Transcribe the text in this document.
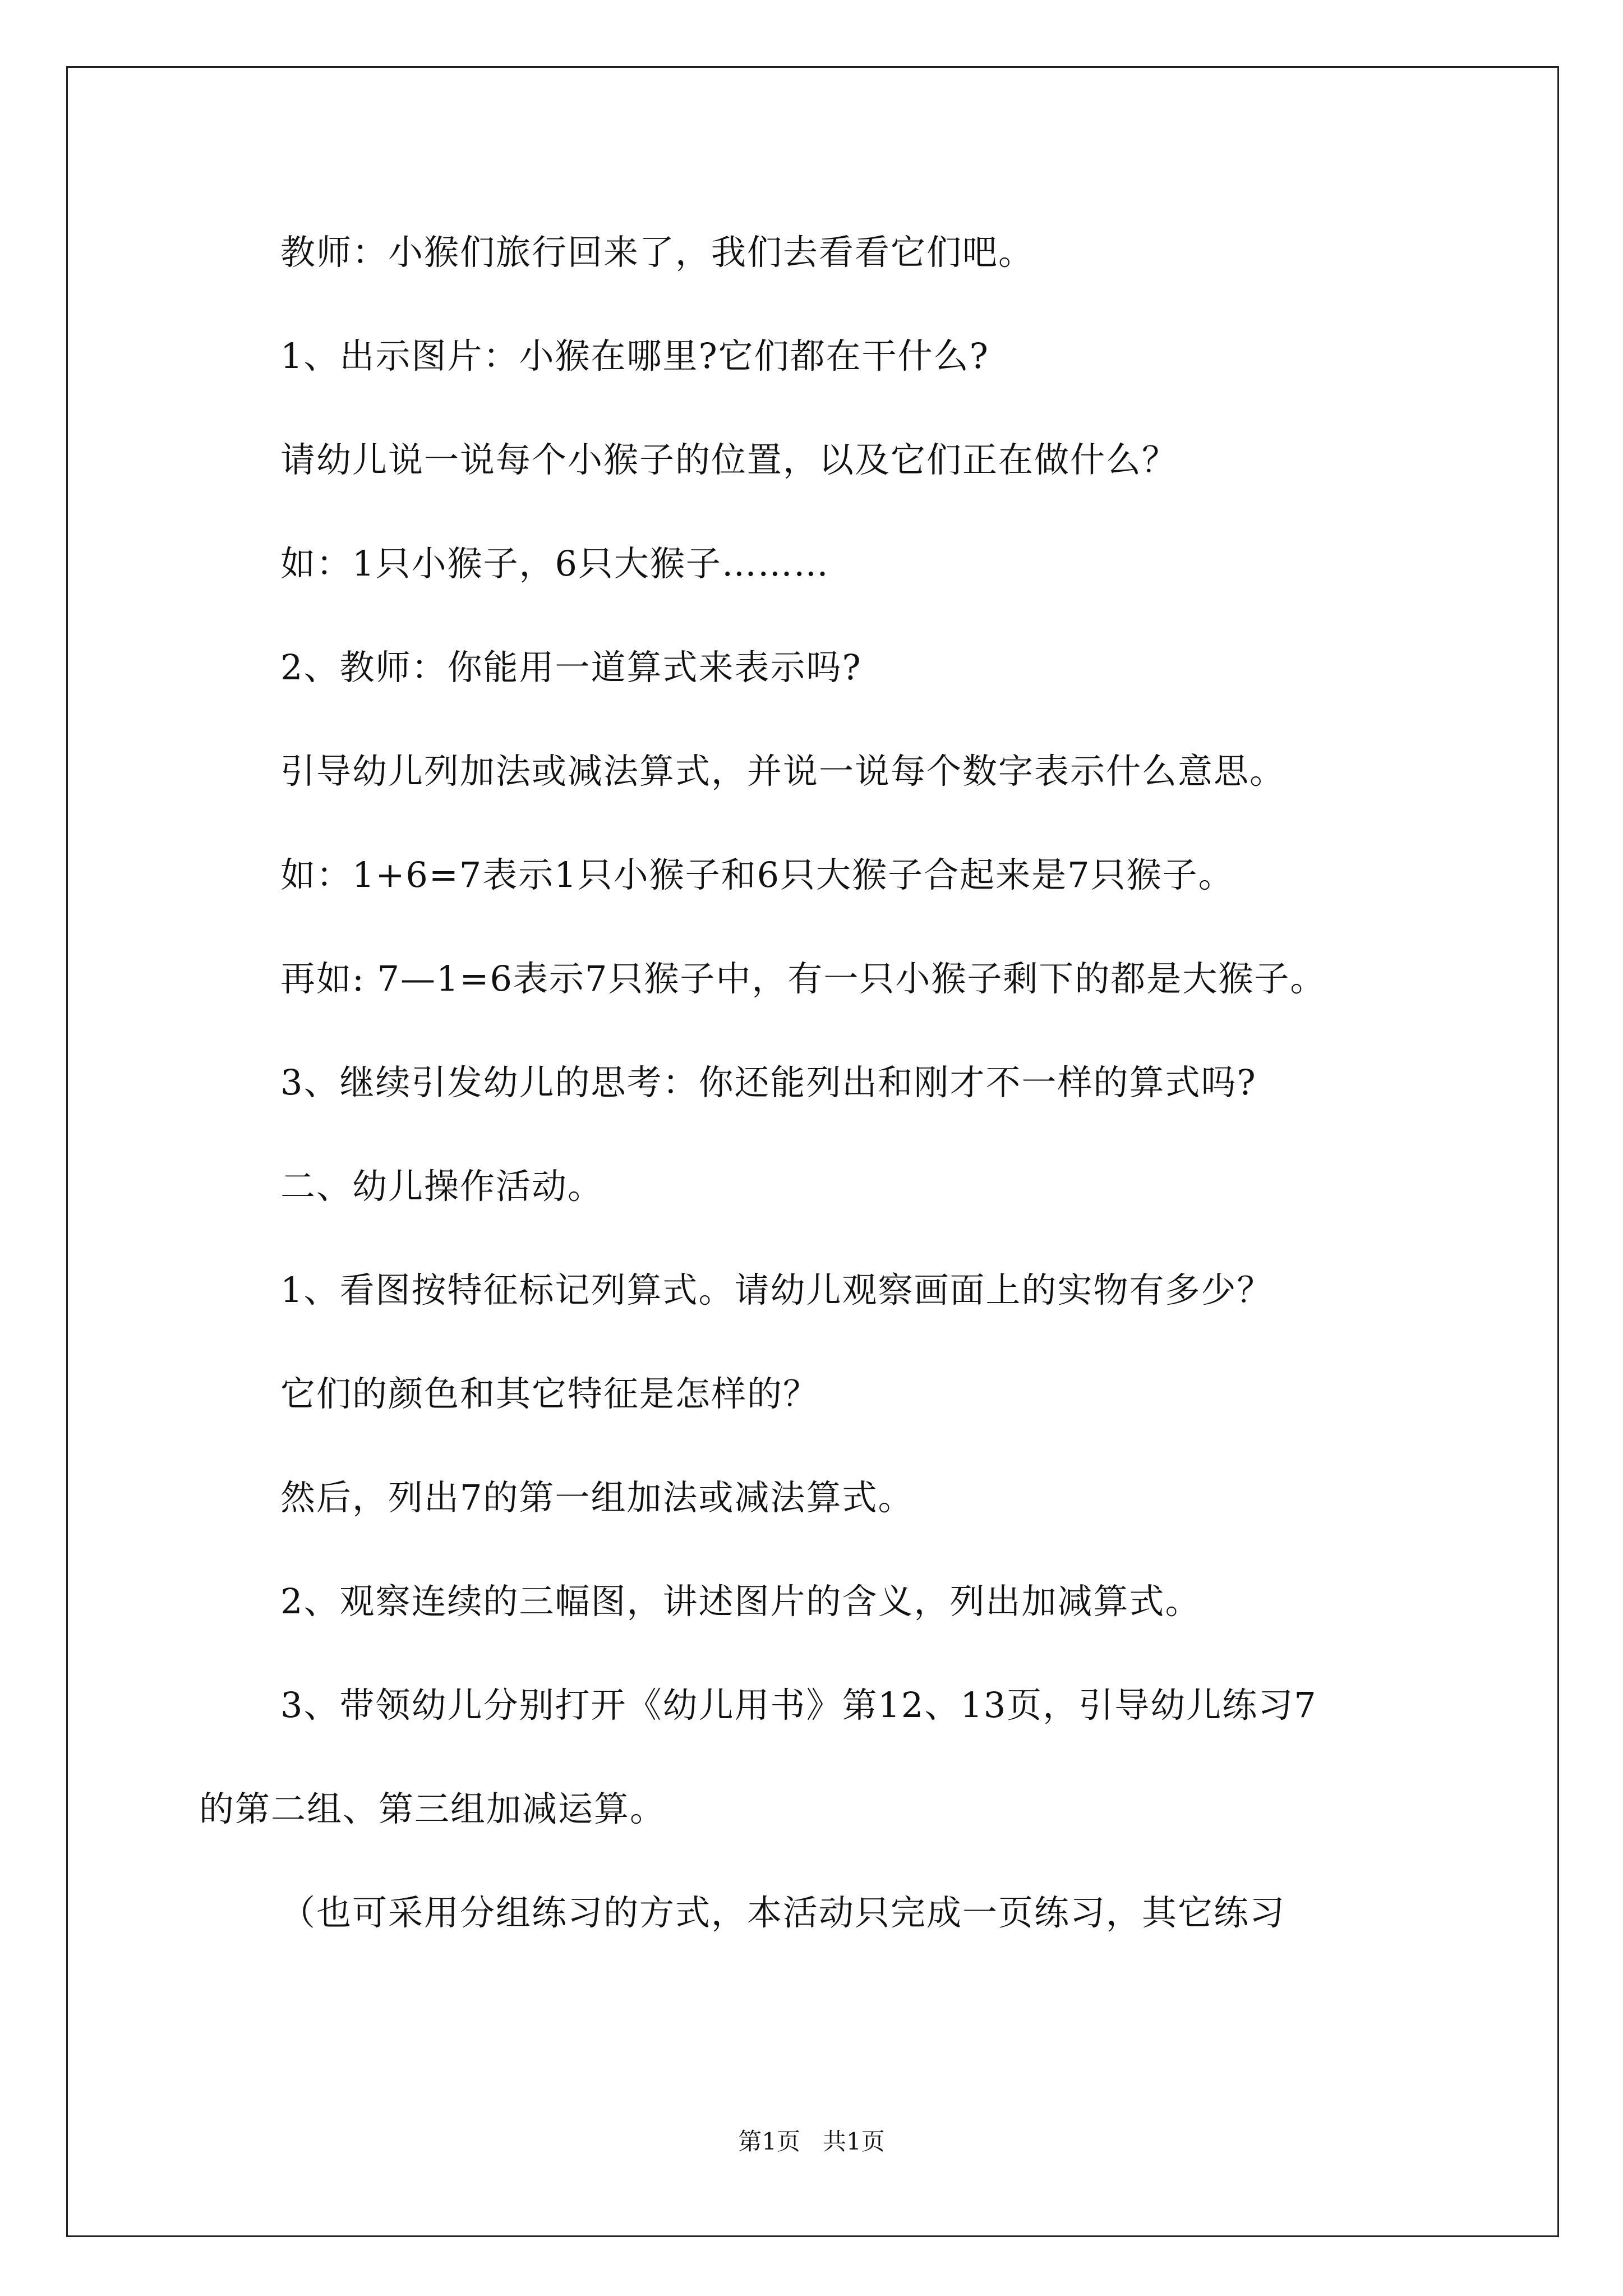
教师：小猴们旅行回来了，我们去看看它们吧。
1、出示图片：小猴在哪里?它们都在干什么?
请幼儿说一说每个小猴子的位置，以及它们正在做什么？
如：1只小猴子，6只大猴子………
2、教师：你能用一道算式来表示吗?
引导幼儿列加法或减法算式，并说一说每个数字表示什么意思。
如：1+6=7表示1只小猴子和6只大猴子合起来是7只猴子。
再如: 7—1=6表示7只猴子中，有一只小猴子剩下的都是大猴子。
3、继续引发幼儿的思考：你还能列出和刚才不一样的算式吗?
二、幼儿操作活动。
1、看图按特征标记列算式。请幼儿观察画面上的实物有多少？
它们的颜色和其它特征是怎样的？
然后，列出7的第一组加法或减法算式。
2、观察连续的三幅图，讲述图片的含义，列出加减算式。
3、带领幼儿分别打开《幼儿用书》第12、13页，引导幼儿练习7
的第二组、第三组加减运算。
（也可采用分组练习的方式，本活动只完成一页练习，其它练习
第1页   共1页
